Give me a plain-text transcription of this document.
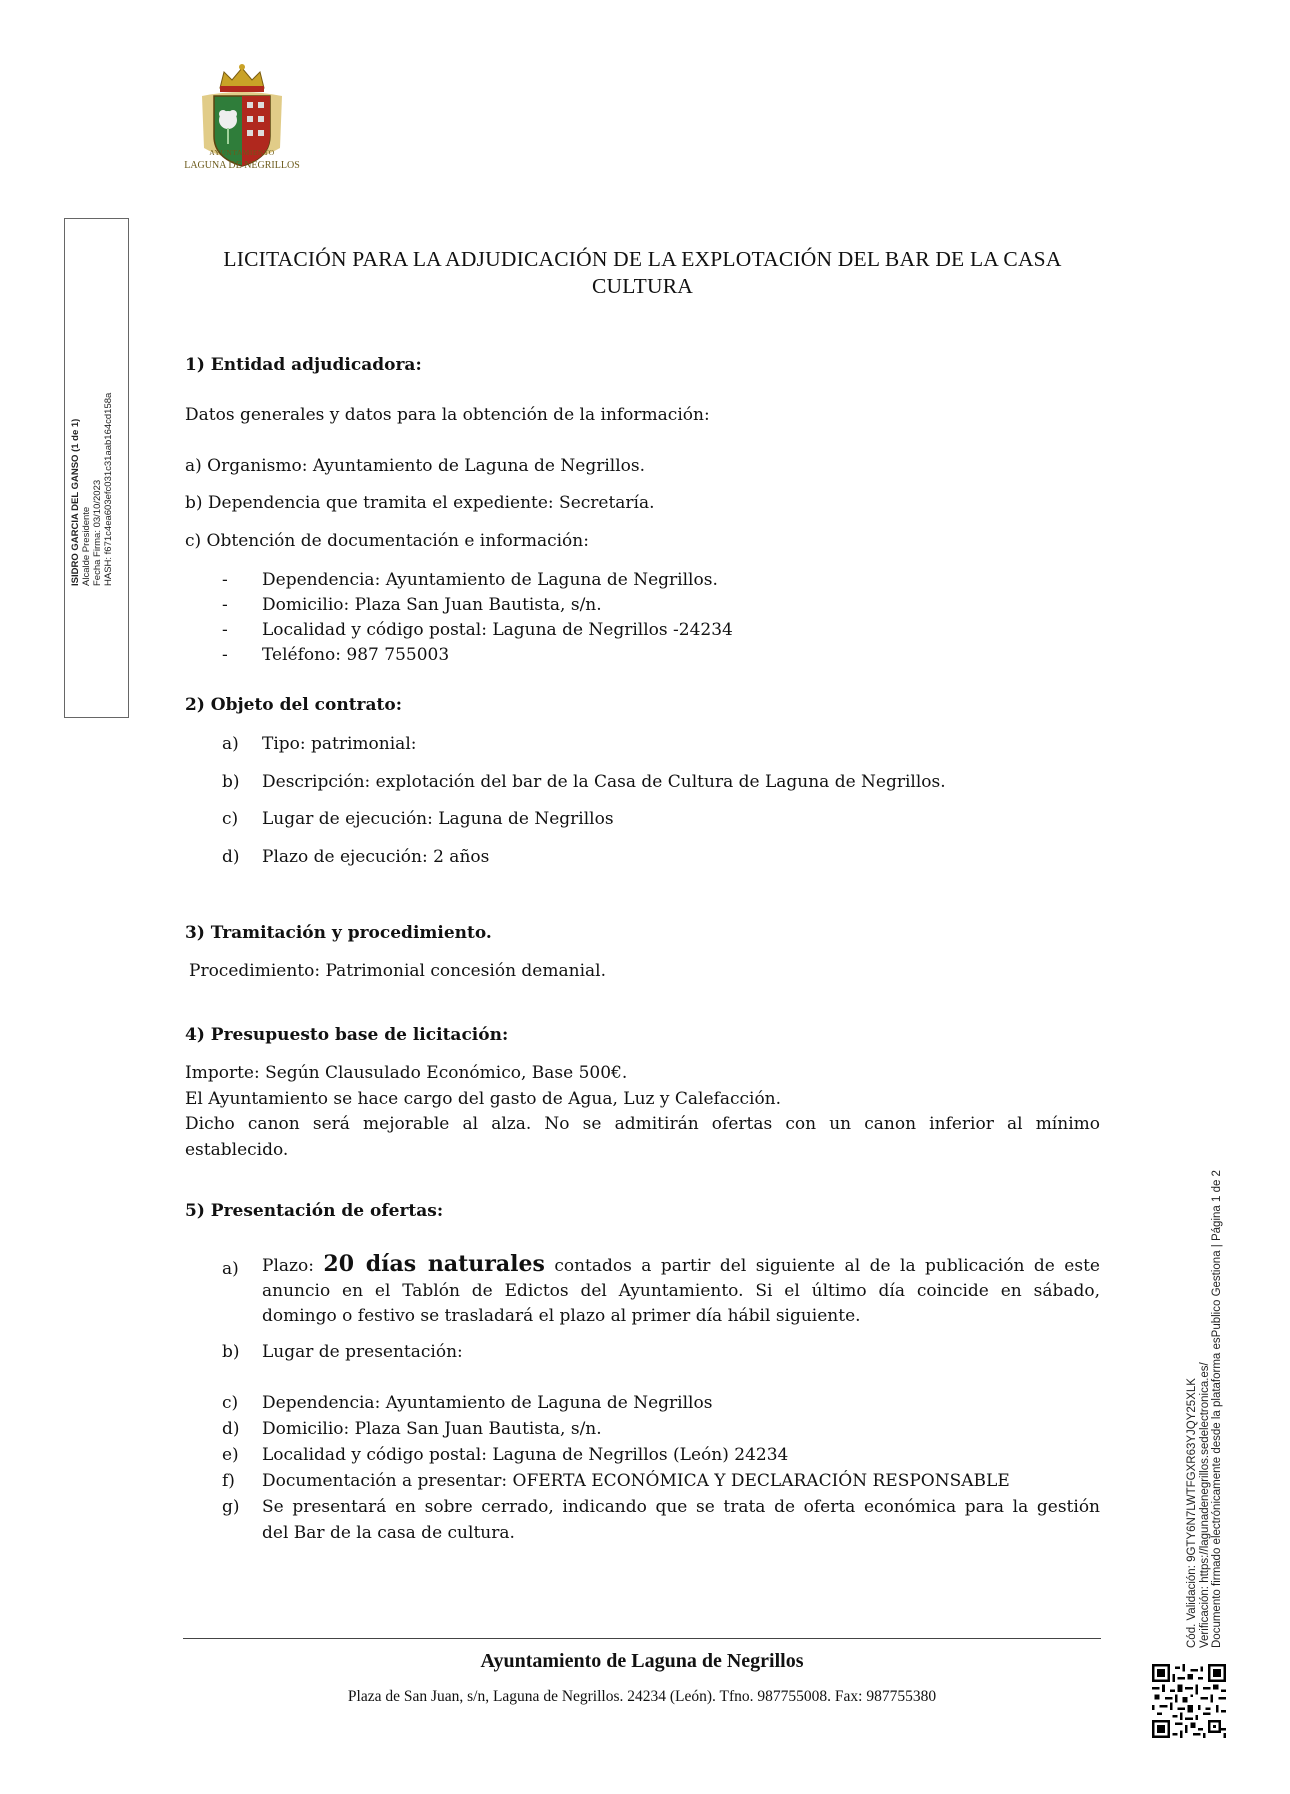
AYUNTAMIENTO
LAGUNA DE NEGRILLOS
ISIDRO GARCIA DEL GANSO (1 de 1) Alcalde Presidente Fecha Firma: 03/10/2023 HASH: f671c4ea603efc031c31aab164cd158a
LICITACIÓN PARA LA ADJUDICACIÓN DE LA EXPLOTACIÓN DEL BAR DE LA CASA CULTURA
1) Entidad adjudicadora:
Datos generales y datos para la obtención de la información:
a) Organismo: Ayuntamiento de Laguna de Negrillos.
b) Dependencia que tramita el expediente: Secretaría.
c) Obtención de documentación e información:
- Dependencia: Ayuntamiento de Laguna de Negrillos.
- Domicilio: Plaza San Juan Bautista, s/n.
- Localidad y código postal: Laguna de Negrillos -24234
- Teléfono: 987 755003
2) Objeto del contrato:
a) Tipo: patrimonial:
b) Descripción: explotación del bar de la Casa de Cultura de Laguna de Negrillos.
c) Lugar de ejecución: Laguna de Negrillos
d) Plazo de ejecución: 2 años
3) Tramitación y procedimiento.
Procedimiento: Patrimonial concesión demanial.
4) Presupuesto base de licitación:
Importe: Según Clausulado Económico, Base 500€.
El Ayuntamiento se hace cargo del gasto de Agua, Luz y Calefacción.
Dicho canon será mejorable al alza. No se admitirán ofertas con un canon inferior al mínimo
establecido.
5) Presentación de ofertas:
a) Plazo: 20 días naturales contados a partir del siguiente al de la publicación de este
anuncio en el Tablón de Edictos del Ayuntamiento. Si el último día coincide en sábado,
domingo o festivo se trasladará el plazo al primer día hábil siguiente.
b) Lugar de presentación:
c) Dependencia: Ayuntamiento de Laguna de Negrillos
d) Domicilio: Plaza San Juan Bautista, s/n.
e) Localidad y código postal: Laguna de Negrillos (León) 24234
f) Documentación a presentar: OFERTA ECONÓMICA Y DECLARACIÓN RESPONSABLE
g) Se presentará en sobre cerrado, indicando que se trata de oferta económica para la gestión
del Bar de la casa de cultura.
Ayuntamiento de Laguna de Negrillos
Plaza de San Juan, s/n, Laguna de Negrillos. 24234 (León). Tfno. 987755008. Fax: 987755380
Cód. Validación: 9GTY6N7LWTFGXR63YJQY25XLK Verificación: https://lagunadenegrillos.sedelectronica.es/ Documento firmado electrónicamente desde la plataforma esPublico Gestiona | Página 1 de 2
